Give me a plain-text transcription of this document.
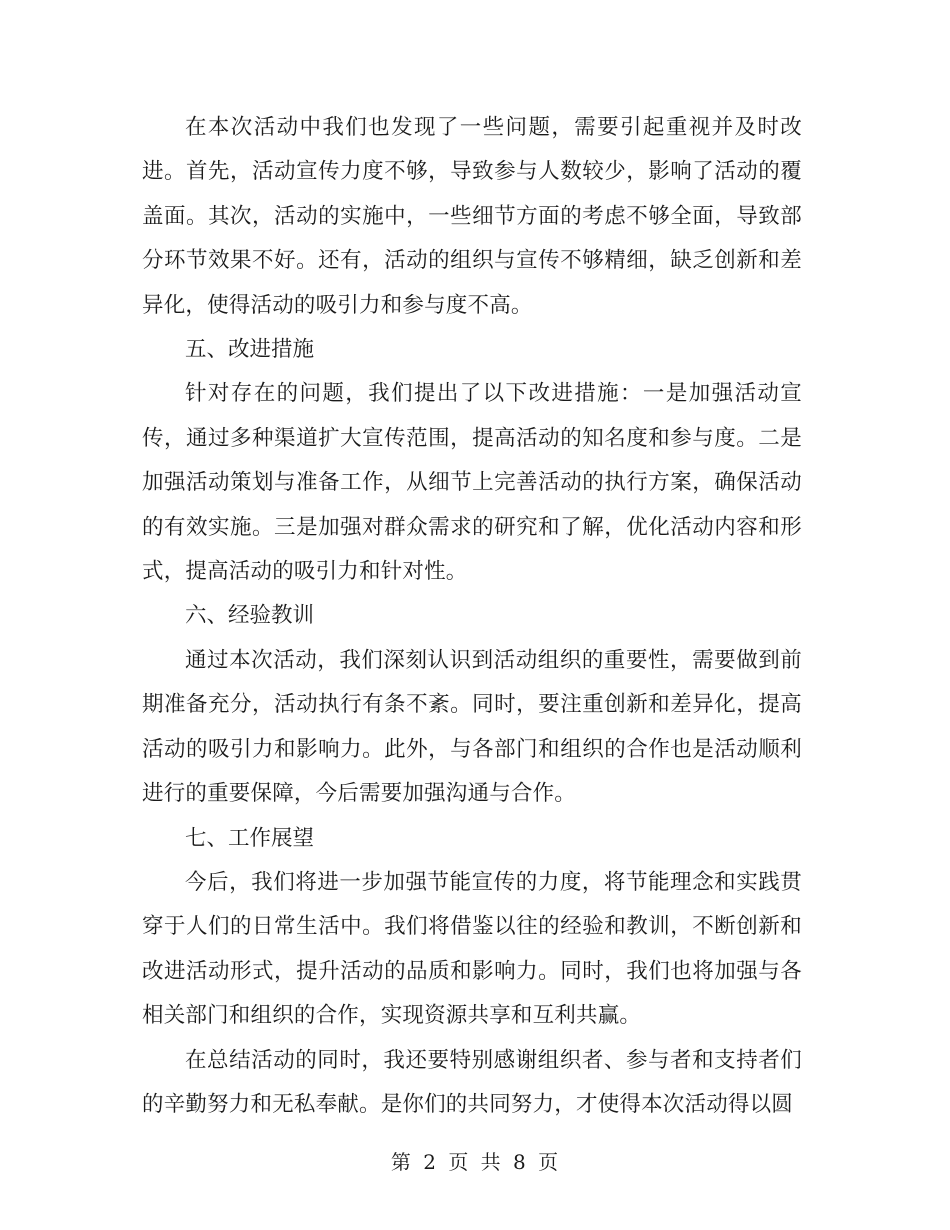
在本次活动中我们也发现了一些问题，需要引起重视并及时改进。首先，活动宣传力度不够，导致参与人数较少，影响了活动的覆盖面。其次，活动的实施中，一些细节方面的考虑不够全面，导致部分环节效果不好。还有，活动的组织与宣传不够精细，缺乏创新和差异化，使得活动的吸引力和参与度不高。

五、改进措施

针对存在的问题，我们提出了以下改进措施：一是加强活动宣传，通过多种渠道扩大宣传范围，提高活动的知名度和参与度。二是加强活动策划与准备工作，从细节上完善活动的执行方案，确保活动的有效实施。三是加强对群众需求的研究和了解，优化活动内容和形式，提高活动的吸引力和针对性。

六、经验教训

通过本次活动，我们深刻认识到活动组织的重要性，需要做到前期准备充分，活动执行有条不紊。同时，要注重创新和差异化，提高活动的吸引力和影响力。此外，与各部门和组织的合作也是活动顺利进行的重要保障，今后需要加强沟通与合作。

七、工作展望

今后，我们将进一步加强节能宣传的力度，将节能理念和实践贯穿于人们的日常生活中。我们将借鉴以往的经验和教训，不断创新和改进活动形式，提升活动的品质和影响力。同时，我们也将加强与各相关部门和组织的合作，实现资源共享和互利共赢。

在总结活动的同时，我还要特别感谢组织者、参与者和支持者们的辛勤努力和无私奉献。是你们的共同努力，才使得本次活动得以圆

第 2 页 共 8 页
